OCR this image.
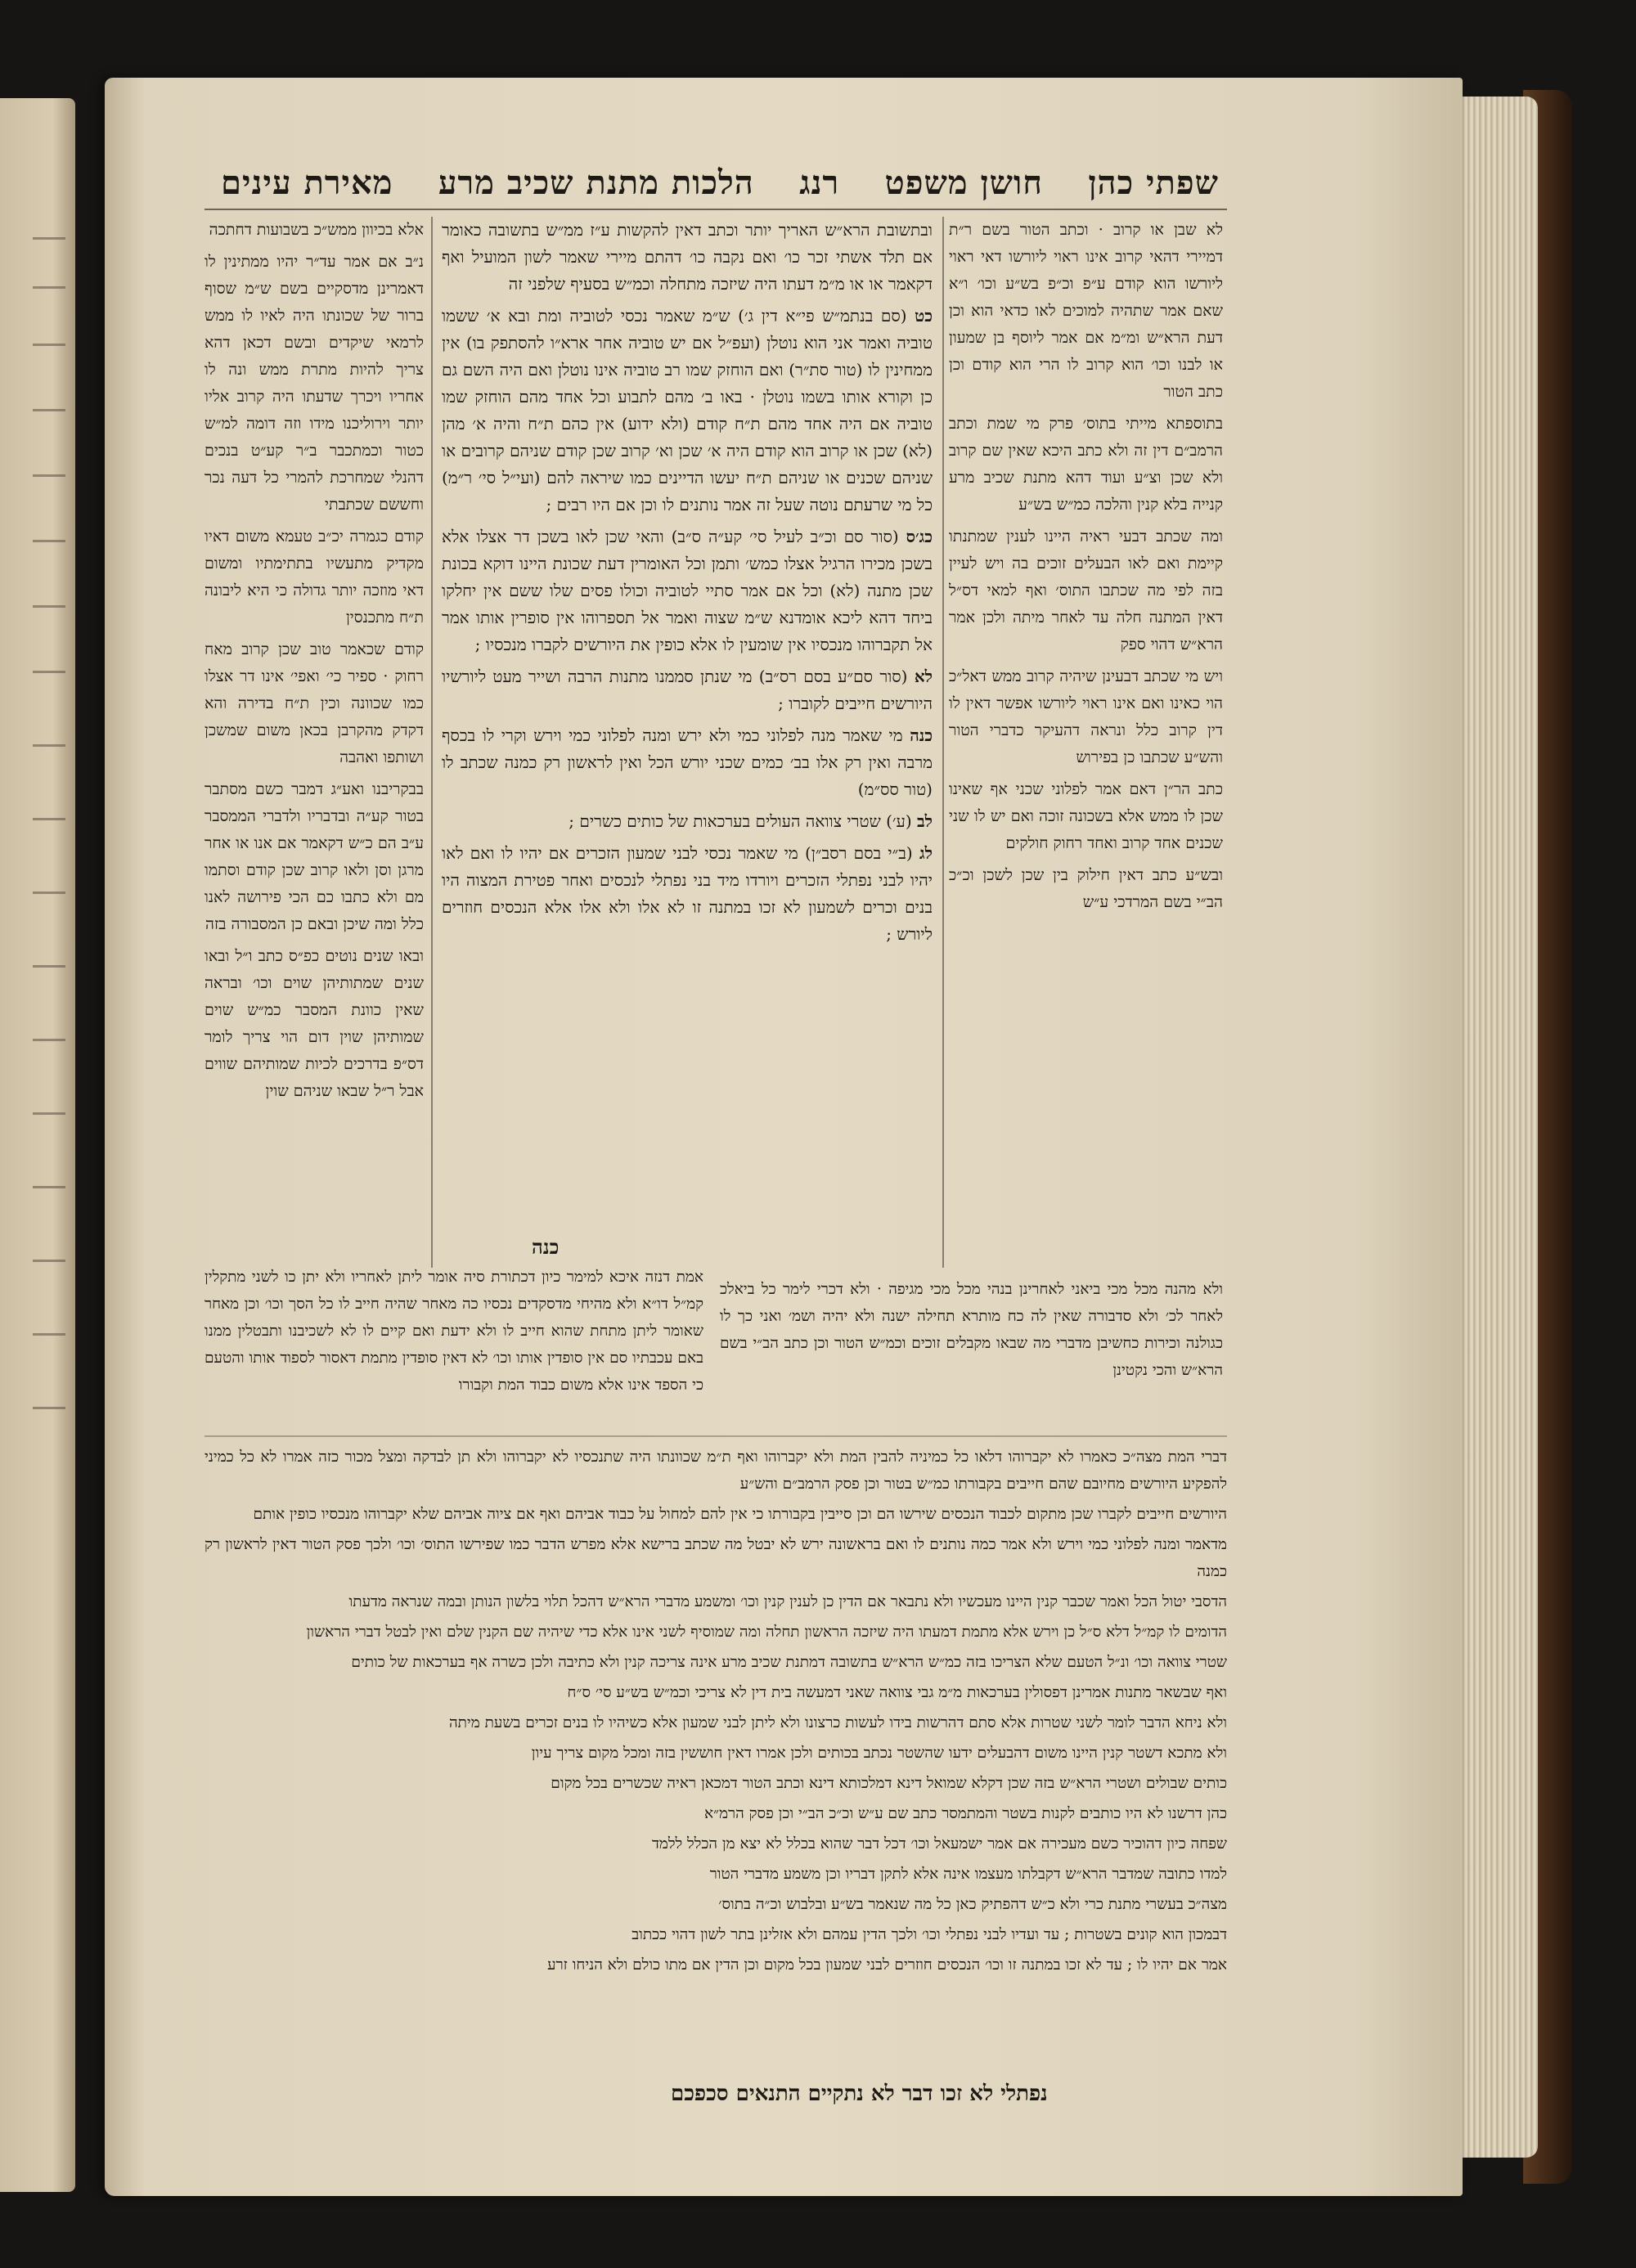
שפתי כהן
חושן משפט
רנג
הלכות מתנת שכיב מרע
מאירת עינים

לא שבן או קרוב · וכתב הטור בשם ר״ת דמיירי דהאי קרוב אינו ראוי ליורשו דאי ראוי ליורשו הוא קודם ע״פ וכ״פ בש״ע וכו׳ ו״א שאם אמר שתהיה למוכים לאו כדאי הוא וכן דעת הרא״ש ומ״מ אם אמר ליוסף בן שמעון או לבנו וכו׳ הוא קרוב לו הרי הוא קודם וכן כתב הטור

בתוספתא מייתי בתוס׳ פרק מי שמת וכתב הרמב״ם דין זה ולא כתב היכא שאין שם קרוב ולא שכן וצ״ע ועוד דהא מתנת שכיב מרע קנייה בלא קנין והלכה כמ״ש בש״ע

ומה שכתב דבעי ראיה היינו לענין שמתנתו קיימת ואם לאו הבעלים זוכים בה ויש לעיין בזה לפי מה שכתבו התוס׳ ואף למאי דס״ל דאין המתנה חלה עד לאחר מיתה ולכן אמר הרא״ש דהוי ספק

ויש מי שכתב דבעינן שיהיה קרוב ממש דאל״כ הוי כאינו ואם אינו ראוי ליורשו אפשר דאין לו דין קרוב כלל ונראה דהעיקר כדברי הטור והש״ע שכתבו כן בפירוש

כתב הר״ן דאם אמר לפלוני שכני אף שאינו שכן לו ממש אלא בשכונה זוכה ואם יש לו שני שכנים אחד קרוב ואחד רחוק חולקים

ובש״ע כתב דאין חילוק בין שכן לשכן וכ״כ הב״י בשם המרדכי ע״ש

ובתשובת הרא״ש האריך יותר וכתב דאין להקשות ע״ז ממ״ש בתשובה כאומר אם תלד אשתי זכר כו׳ ואם נקבה כו׳ דהתם מיירי שאמר לשון המועיל ואף דקאמר או או מ״מ דעתו היה שיזכה מתחלה וכמ״ש בסעיף שלפני זה

כט (סם בנתמ״ש פי״א דין ג׳) ש״מ שאמר נכסי לטוביה ומת ובא א׳ ששמו טוביה ואמר אני הוא נוטלן (ועפ״ל אם יש טוביה אחר ארא״ו להסתפק בו) אין ממחינין לו (טור סת״ר) ואם הוחזק שמו רב טוביה אינו נוטלן ואם היה השם גם כן וקורא אותו בשמו נוטלן · באו ב׳ מהם לתבוע וכל אחד מהם הוחזק שמו טוביה אם היה אחד מהם ת״ח קודם (ולא ידוע) אין כהם ת״ח והיה א׳ מהן (לא) שכן או קרוב הוא קודם היה א׳ שכן וא׳ קרוב שכן קודם שניהם קרובים או שניהם שכנים או שניהם ת״ח יעשו הדיינים כמו שיראה להם (ועי״ל סי׳ ר״מ) כל מי שרעתם נוטה שעל זה אמר נותנים לו וכן אם היו רבים ;

כג׳ס (סור סם וכ״ב לעיל סי׳ קע״ה ס״ב) והאי שכן לאו בשכן דר אצלו אלא בשכן מכירו הרגיל אצלו כמש׳ ותמן וכל האומרין דעת שכונת היינו דוקא בכונת שכן מתנה (לא) וכל אם אמר סתיי לטוביה וכולו פסים שלו ששם אין יחלקו ביחד דהא ליכא אומדנא ש״מ שצוה ואמר אל תספרוהו אין סופרין אותו אמר אל תקברוהו מנכסיו אין שומעין לו אלא כופין את היורשים לקברו מנכסיו ;

לא (סור סם״ע בסם רס״ב) מי שנתן סממנו מתנות הרבה ושייר מעט ליורשיו היורשים חייבים לקוברו ;

כנה מי שאמר מנה לפלוני כמי ולא ירש ומנה לפלוני כמי וירש וקרי לו בכסף מרבה ואין רק אלו בב׳ כמים שכני יורש הכל ואין לראשון רק כמנה שכתב לו (טור סס״מ)

לב (ע׳) שטרי צוואה העולים בערכאות של כותים כשרים ;

לג (ב״י בסם רסב״ן) מי שאמר נכסי לבני שמעון הזכרים אם יהיו לו ואם לאו יהיו לבני נפתלי הזכרים ויורדו מיד בני נפתלי לנכסים ואחר פטירת המצוה היו בנים וכרים לשמעון לא זכו במתנה זו לא אלו ולא אלו אלא הנכסים חוזרים ליורש ;

כנה

אלא בכיוון ממש״כ בשבועות דחתכה

נ״ב אם אמר עד״ר יהיו ממתינין לו דאמרינן מדסקיים בשם ש״מ שסוף ברור של שכונתו היה לאיו לו ממש לרמאי שיקדים ובשם דכאן דהא צריך להיות מתרת ממש ונה לו אחריו ויכרך שדעתו היה קרוב אליו יותר וירוליכנו מידו וזה דומה למ״ש כטור וכמתכבר ב״ר קע״ט בנכים דהנלי שמחרכת להמרי כל דעה נכר וחששם שכתבתי

קודם כגמרה יכ״ב טעמא משום דאיו מקדיק מתעשיו בתתימתיו ומשום דאי מוזכה יותר גדולה כי היא ליבונה ת״ח מתכנסין

קודם שכאמר טוב שכן קרוב מאח רחוק · ספיר כי׳ ואפי׳ אינו דר אצלו כמו שכוונה וכין ת״ח בדירה והא דקדק מהקרבן בכאן משום שמשכן ושותפו ואהבה

בבקריבנו ואע״ג דמבר כשם מסתבר בטור קע״ה ובדבריו ולדברי הממסבר ע״ב הם כ״ש דקאמר אם אנו או אחר מרגן וסן ולאו קרוב שכן קודם וסתמו מם ולא כתבו כם הכי פירושה לאנו כלל ומה שיכן ובאם כן המסבורה בזה

ובאו שנים נוטים כפ״ס כתב ו״ל ובאו שנים שמתותיהן שוים וכו׳ ובראה שאין כוונת המסבר כמ״ש שוים שמותיהן שוין דום הוי צריך לומר דס״פ בדרכים לכיות שמותיהם שווים אבל ר״ל שבאו שניהם שוין

ולא מהנה מכל מכי ביאני לאחרינן בנהי מכל מכי מגיפה · ולא דכרי לימר כל ביאלכ לאחר לכ׳ ולא סדבורה שאין לה כח מותרא תחילה ישנה ולא יהיה ושמ׳ ואני כך לו כגולנה וכירות כחשיבן מדברי מה שבאו מקבלים זוכים וכמ״ש הטור וכן כתב הב״י בשם הרא״ש והכי נקטינן

אמת דנזה איכא למימר כיון דכתורת סיה אומר ליתן לאחריו ולא יתן כו לשני מתקלין קמ״ל דו״א ולא מהיחי מדסקדים נכסיו כה מאחר שהיה חייב לו כל הסך וכו׳ וכן מאחר שאומר ליתן מתחת שהוא חייב לו ולא ידעת ואם קיים לו לא לשכיבנו ותבטלין ממנו באם עכבתיו סם אין סופדין אותו וכו׳ לא דאין סופדין מתמת דאסור לספוד אותו והטעם כי הספד אינו אלא משום כבוד המת וקבורו

דברי המת מצה״כ כאמרו לא יקברוהו דלאו כל כמיניה להבין המת ולא יקברוהו ואף ת״מ שכוונתו היה שתנכסיו לא יקברוהו ולא תן לבדקה ומצל מכור כזה אמרו לא כל כמיני להפקיע היורשים מחיובם שהם חייבים בקבורתו כמ״ש בטור וכן פסק הרמב״ם והש״ע

היורשים חייבים לקברו שכן מתקום לכבוד הנכסים שירשו הם וכן סייבין בקבורתו כי אין להם למחול על כבוד אביהם ואף אם ציוה אביהם שלא יקברוהו מנכסיו כופין אותם

מדאמר ומנה לפלוני כמי וירש ולא אמר כמה נותנים לו ואם בראשונה ירש לא יבטל מה שכתב ברישא אלא מפרש הדבר כמו שפירשו התוס׳ וכו׳ ולכך פסק הטור דאין לראשון רק כמנה

הדסבי יטול הכל ואמר שכבר קנין היינו מעכשיו ולא נתבאר אם הדין כן לענין קנין וכו׳ ומשמע מדברי הרא״ש דהכל תלוי בלשון הנותן ובמה שנראה מדעתו

הדומים לו קמ״ל דלא ס״ל כן וירש אלא מתמת דמעתו היה שיזכה הראשון תחלה ומה שמוסיף לשני אינו אלא כדי שיהיה שם הקנין שלם ואין לבטל דברי הראשון

שטרי צוואה וכו׳ ונ״ל הטעם שלא הצריכו בזה כמ״ש הרא״ש בתשובה דמתנת שכיב מרע אינה צריכה קנין ולא כתיבה ולכן כשרה אף בערכאות של כותים

ואף שבשאר מתנות אמרינן דפסולין בערכאות מ״מ גבי צוואה שאני דמעשה בית דין לא צריכי וכמ״ש בש״ע סי׳ ס״ח

ולא ניחא הדבר לומר לשני שטרות אלא סתם דהרשות בידו לעשות כרצונו ולא ליתן לבני שמעון אלא כשיהיו לו בנים זכרים בשעת מיתה

ולא מתכא דשטר קנין היינו משום דהבעלים ידעו שהשטר נכתב בכותים ולכן אמרו דאין חוששין בזה ומכל מקום צריך עיון

כותים שבולים ושטרי הרא״ש בזה שכן דקלא שמואל דינא דמלכותא דינא וכתב הטור דמכאן ראיה שכשרים בכל מקום

כהן דרשנו לא היו כותבים לקנות בשטר והמתמסר כתב שם ע״ש וכ״כ הב״י וכן פסק הרמ״א

שפחה כיון דהוכיר כשם מעכירה אם אמר ישמעאל וכו׳ דכל דבר שהוא בכלל לא יצא מן הכלל ללמד

למדו כתובה שמדבר הרא״ש דקבלתו מעצמו אינה אלא לתקן דבריו וכן משמע מדברי הטור

מצה״כ בעשרי מתנת כרי ולא כ״ש דהפתיק כאן כל מה שנאמר בש״ע ובלבוש וכ״ה בתוס׳

דבמכון הוא קונים בשטרות ; עד ועדיו לבני נפתלי וכו׳ ולכך הדין עמהם ולא אזלינן בתר לשון דהוי ככתוב

אמר אם יהיו לו ; עד לא זכו במתנה זו וכו׳ הנכסים חוזרים לבני שמעון בכל מקום וכן הדין אם מתו כולם ולא הניחו זרע

נפתלי לא זכו דבר לא נתקיים התנאים סכפכם
